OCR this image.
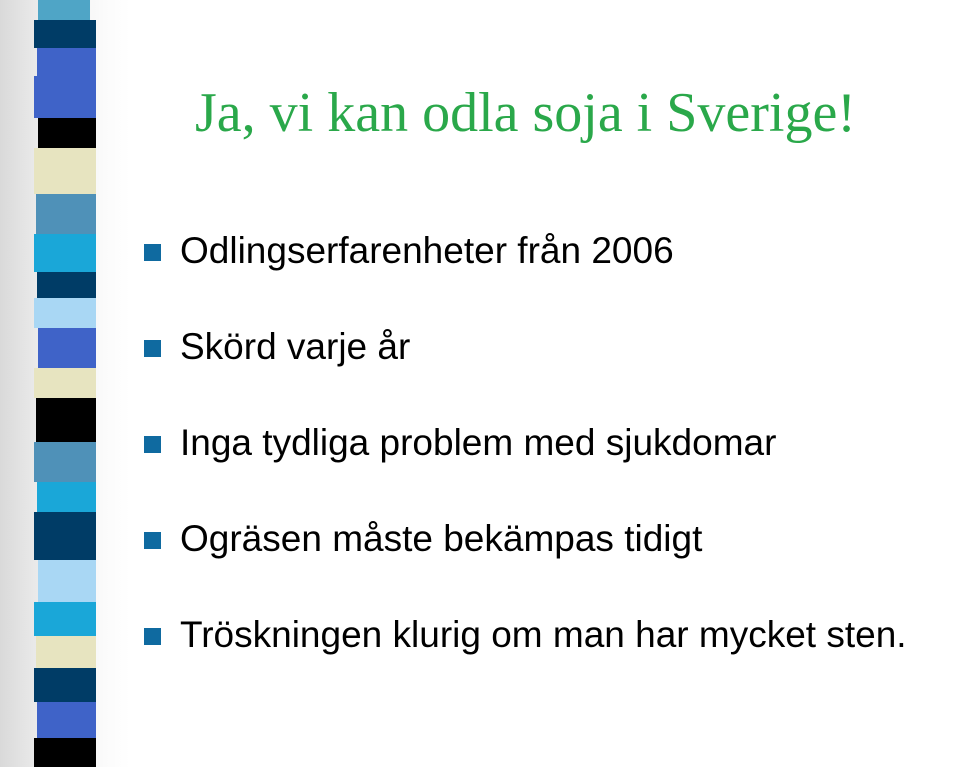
Ja, vi kan odla soja i Sverige!
Odlingserfarenheter från 2006
Skörd varje år
Inga tydliga problem med sjukdomar
Ogräsen måste bekämpas tidigt
Tröskningen klurig om man har mycket sten.
